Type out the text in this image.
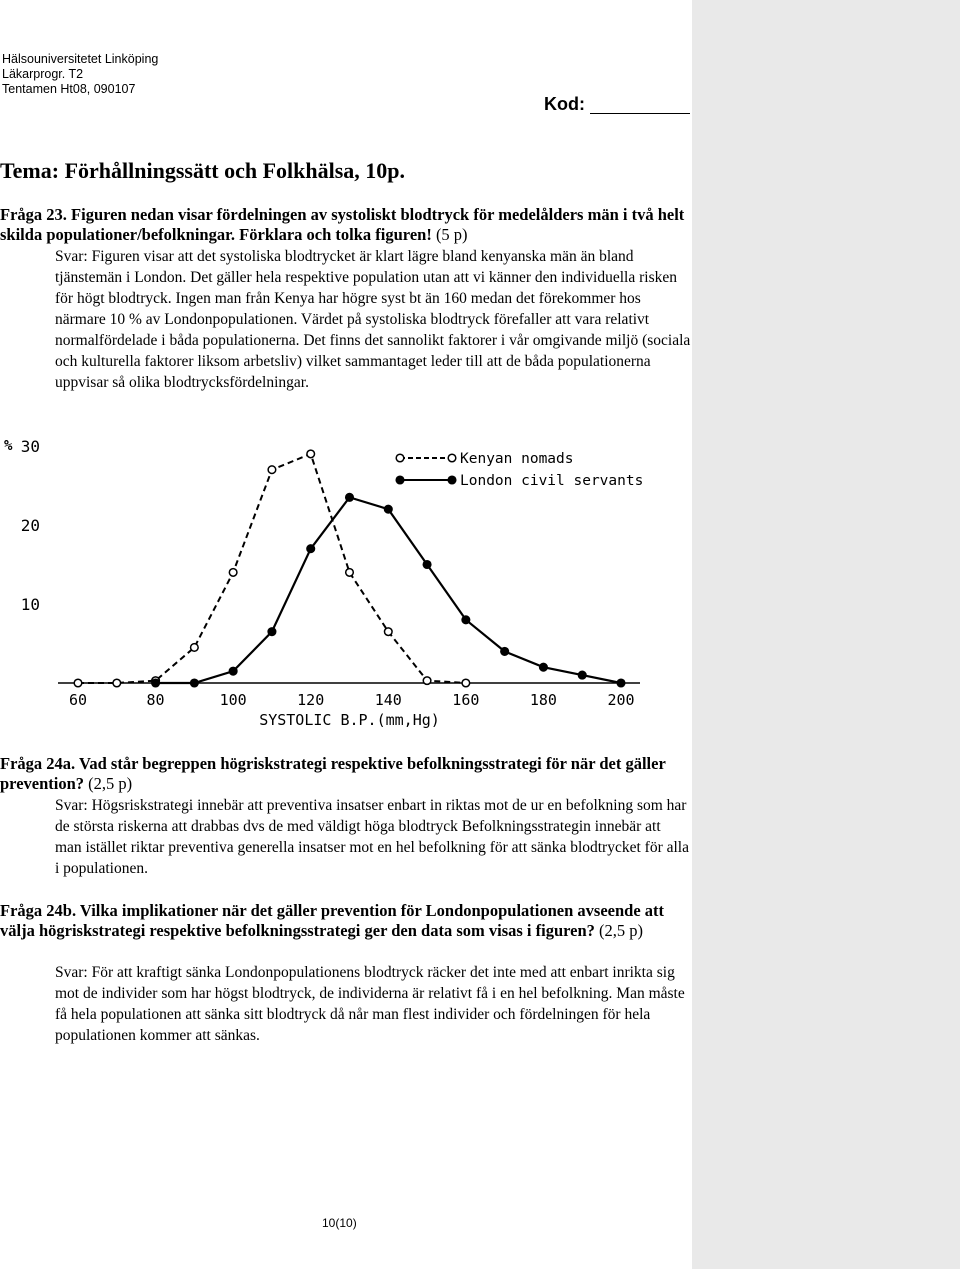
Hälsouniversitetet Linköping
Läkarprogr. T2
Tentamen Ht08, 090107
Kod:
Tema: Förhållningssätt och Folkhälsa, 10p.
Fråga 23. Figuren nedan visar fördelningen av systoliskt blodtryck för medelålders män i två helt skilda populationer/befolkningar. Förklara och tolka figuren! (5 p)
Svar: Figuren visar att det systoliska blodtrycket är klart lägre bland kenyanska män än bland tjänstemän i London. Det gäller hela respektive population utan att vi känner den individuella risken för högt blodtryck. Ingen man från Kenya har högre syst bt än 160 medan det förekommer hos närmare 10 % av Londonpopulationen. Värdet på systoliska blodtryck förefaller att vara relativt normalfördelade i båda populationerna. Det finns det sannolikt faktorer i vår omgivande miljö (sociala och kulturella faktorer liksom arbetsliv) vilket sammantaget leder till att de båda populationerna uppvisar så olika blodtrycksfördelningar.
%
10
20
30
60	80	100	120	140	160	180	200
SYSTOLIC B.P.(mm,Hg)
Kenyan nomads
London civil servants
Fråga 24a. Vad står begreppen högriskstrategi respektive befolkningsstrategi för när det gäller prevention? (2,5 p)
Svar: Högsriskstrategi innebär att preventiva insatser enbart in riktas mot de ur en befolkning som har de största riskerna att drabbas dvs de med väldigt höga blodtryck Befolkningsstrategin innebär att man istället riktar preventiva generella insatser mot en hel befolkning för att sänka blodtrycket för alla i populationen.
Fråga 24b. Vilka implikationer när det gäller prevention för Londonpopulationen avseende att välja högriskstrategi respektive befolkningsstrategi ger den data som visas i figuren? (2,5 p)
Svar: För att kraftigt sänka Londonpopulationens blodtryck räcker det inte med att enbart inrikta sig mot de individer som har högst blodtryck, de individerna är relativt få i en hel befolkning. Man måste få hela populationen att sänka sitt blodtryck då når man flest individer och fördelningen för hela populationen kommer att sänkas.
10(10)
